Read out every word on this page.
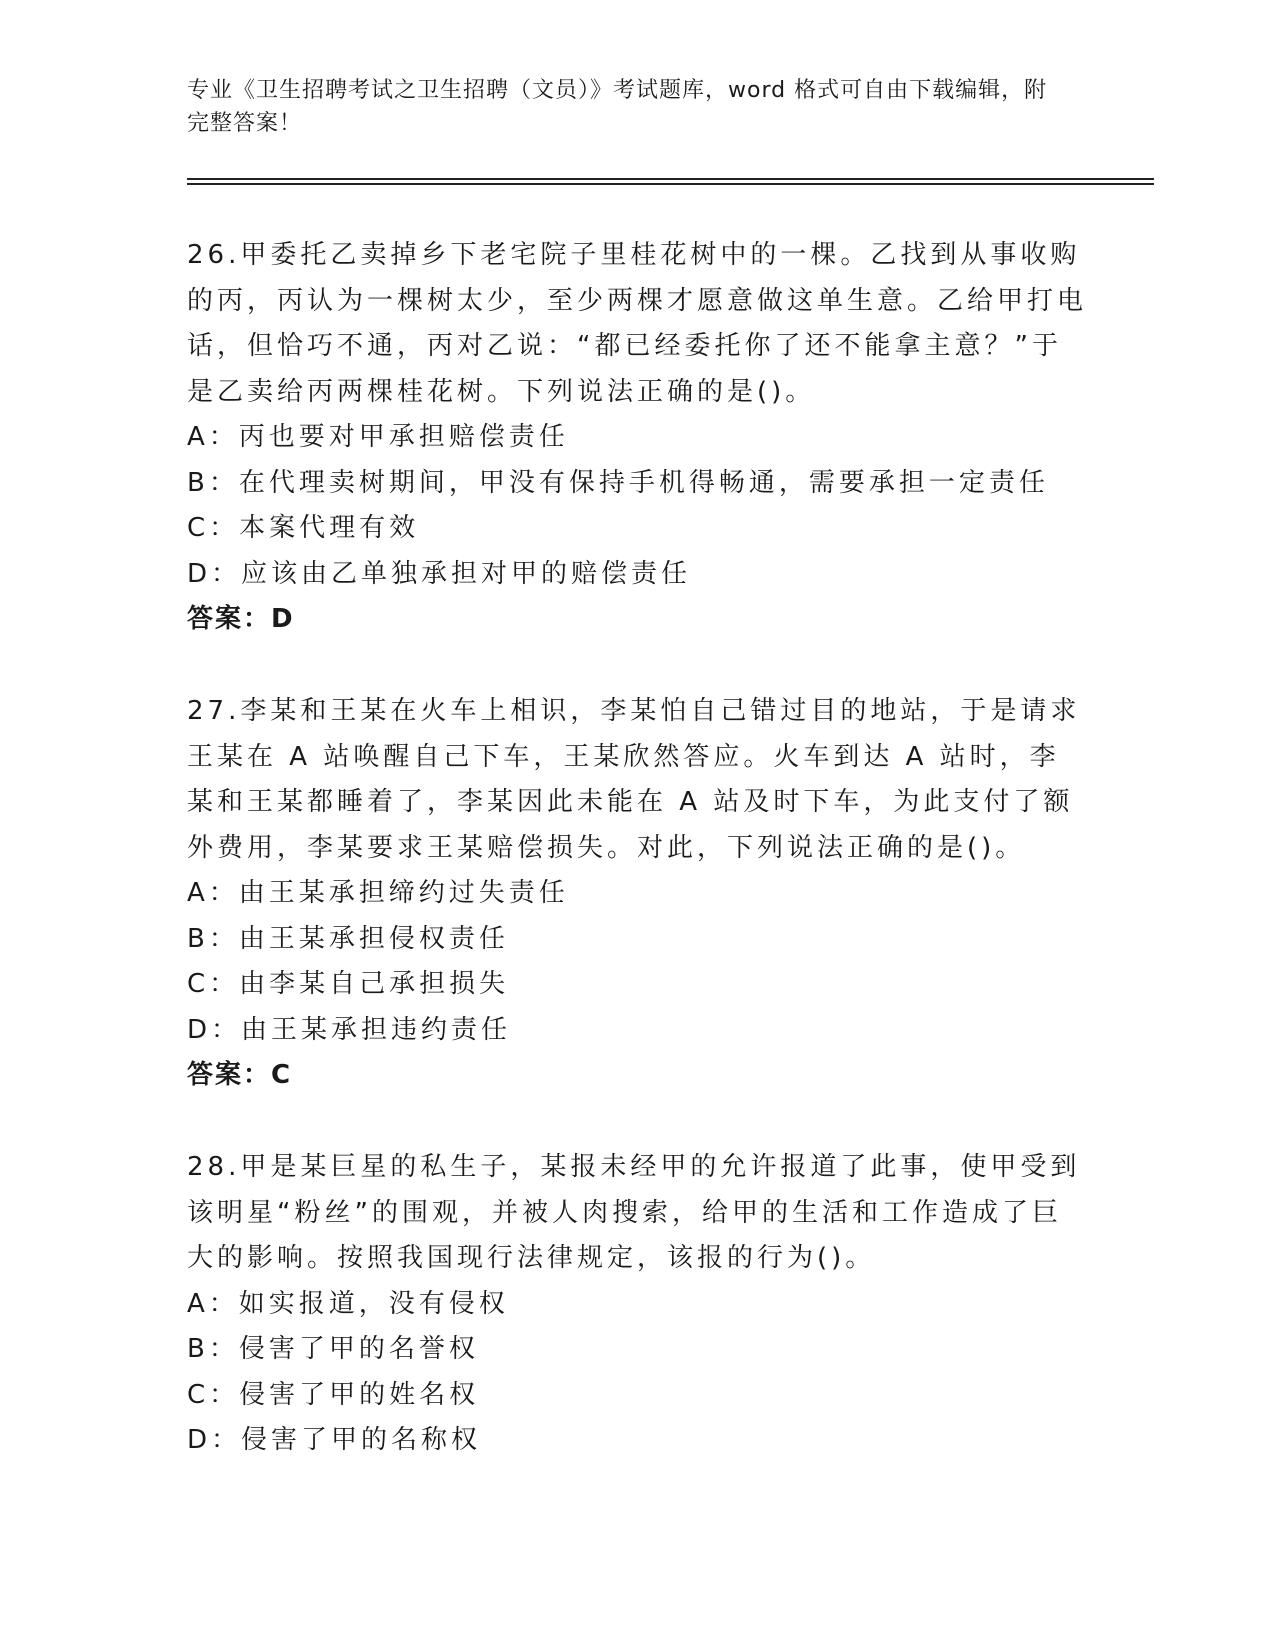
专业《卫生招聘考试之卫生招聘（文员）》考试题库，word 格式可自由下载编辑，附完整答案！
26.甲委托乙卖掉乡下老宅院子里桂花树中的一棵。乙找到从事收购的丙，丙认为一棵树太少，至少两棵才愿意做这单生意。乙给甲打电话，但恰巧不通，丙对乙说：“都已经委托你了还不能拿主意？”于是乙卖给丙两棵桂花树。下列说法正确的是()。
A：丙也要对甲承担赔偿责任
B：在代理卖树期间，甲没有保持手机得畅通，需要承担一定责任
C：本案代理有效
D：应该由乙单独承担对甲的赔偿责任
答案：D
27.李某和王某在火车上相识，李某怕自己错过目的地站，于是请求王某在 A 站唤醒自己下车，王某欣然答应。火车到达 A 站时，李某和王某都睡着了，李某因此未能在 A 站及时下车，为此支付了额外费用，李某要求王某赔偿损失。对此，下列说法正确的是()。
A：由王某承担缔约过失责任
B：由王某承担侵权责任
C：由李某自己承担损失
D：由王某承担违约责任
答案：C
28.甲是某巨星的私生子，某报未经甲的允许报道了此事，使甲受到该明星“粉丝”的围观，并被人肉搜索，给甲的生活和工作造成了巨大的影响。按照我国现行法律规定，该报的行为()。
A：如实报道，没有侵权
B：侵害了甲的名誉权
C：侵害了甲的姓名权
D：侵害了甲的名称权
